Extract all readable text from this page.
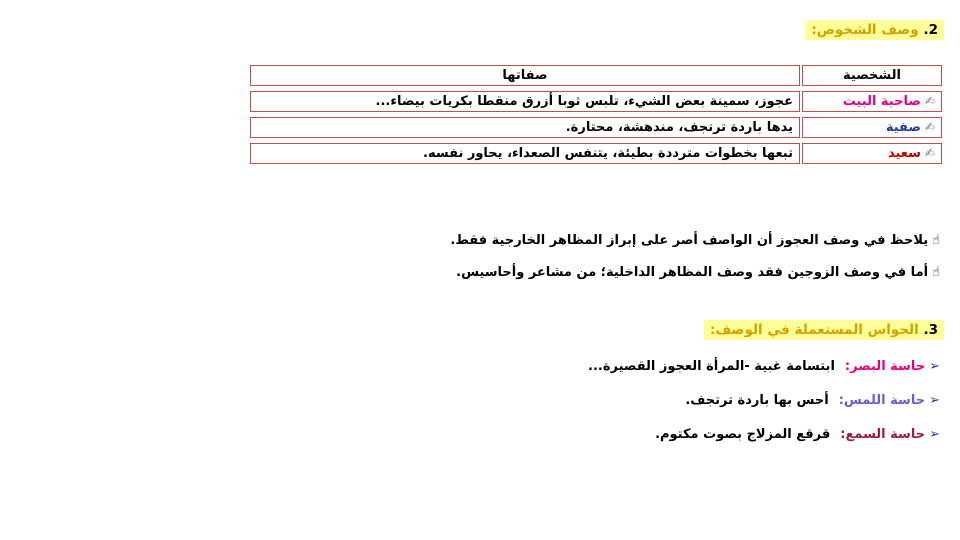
2. وصف الشخوص:
الشخصية	صفاتها
✍صاحبة البيت	عجوز، سمينة بعض الشيء، تلبس ثوبا أزرق منقطا بكريات بيضاء...
✍صفية	يدها باردة ترتجف، مندهشة، محتارة.
✍سعيد	تبعها بخطوات مترددة بطيئة، يتنفس الصعداء، يحاور نفسه.
☝يلاحظ في وصف العجوز أن الواصف أصر على إبراز المظاهر الخارجية فقط.
☝أما في وصف الزوجين فقد وصف المظاهر الداخلية؛ من مشاعر وأحاسيس.
3. الحواس المستعملة في الوصف:
➢حاسة البصر:ابتسامة غبية -المرأة العجوز القصيرة...
➢حاسة اللمس:أحس بها باردة ترتجف.
➢حاسة السمع:قرقع المزلاج بصوت مكتوم.
